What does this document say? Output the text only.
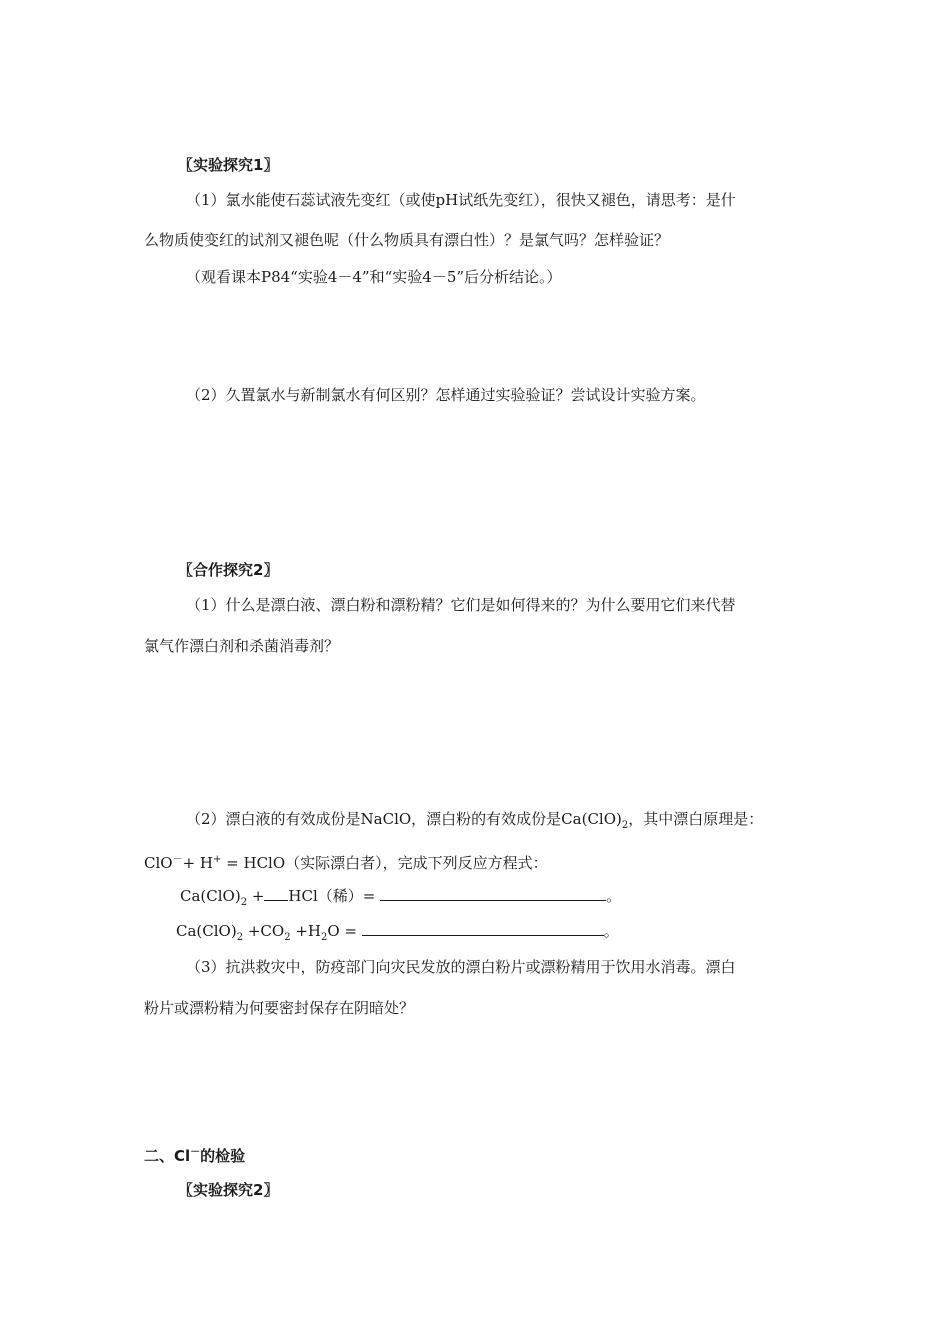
〖实验探究1〗
（1）氯水能使石蕊试液先变红（或使pH试纸先变红），很快又褪色，请思考：是什
么物质使变红的试剂又褪色呢（什么物质具有漂白性）？是氯气吗？怎样验证？
（观看课本P84“实验4－4”和“实验4－5”后分析结论。）
（2）久置氯水与新制氯水有何区别？怎样通过实验验证？尝试设计实验方案。
〖合作探究2〗
（1）什么是漂白液、漂白粉和漂粉精？它们是如何得来的？为什么要用它们来代替
氯气作漂白剂和杀菌消毒剂？
（2）漂白液的有效成份是NaClO，漂白粉的有效成份是$Ca(ClO)_2$，其中漂白原理是：
ClO－+ H+ = HClO（实际漂白者），完成下列反应方程式：
$Ca(ClO)_2 + HCl$（稀）=	。
$Ca(ClO)_2 +CO_2 +H_2O$ =	。
（3）抗洪救灾中，防疫部门向灾民发放的漂白粉片或漂粉精用于饮用水消毒。漂白
粉片或漂粉精为何要密封保存在阴暗处？
二、Cl－的检验
〖实验探究2〗
